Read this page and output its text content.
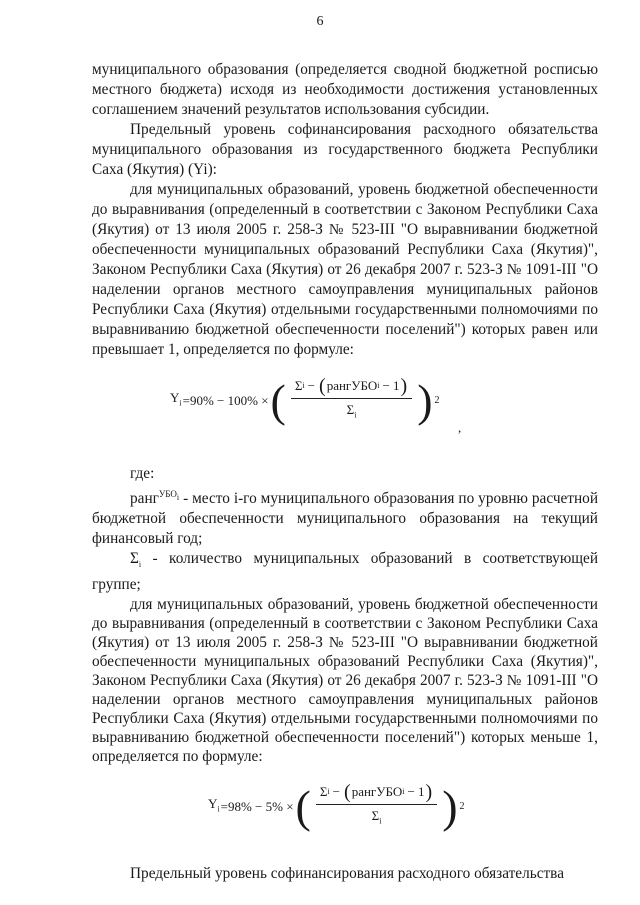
6

муниципального образования (определяется сводной бюджетной росписью местного бюджета) исходя из необходимости достижения установленных соглашением значений результатов использования субсидии.

Предельный уровень софинансирования расходного обязательства муниципального образования из государственного бюджета Республики Саха (Якутия) (Yi):

для муниципальных образований, уровень бюджетной обеспеченности до выравнивания (определенный в соответствии с Законом Республики Саха (Якутия) от 13 июля 2005 г. 258-З № 523-III "О выравнивании бюджетной обеспеченности муниципальных образований Республики Саха (Якутия)", Законом Республики Саха (Якутия) от 26 декабря 2007 г. 523-З № 1091-III "О наделении органов местного самоуправления муниципальных районов Республики Саха (Якутия) отдельными государственными полномочиями по выравниванию бюджетной обеспеченности поселений") которых равен или превышает 1, определяется по формуле:

$Y_i =90\% - 100\%$ × ( Σ i − ( рангУБО i − 1 )
$\Sigma_i$ ) 2
,

где:

ранг$^{УБО_i}$ - место i-го муниципального образования по уровню расчетной бюджетной обеспеченности муниципального образования на текущий финансовый год;

$\Sigma_i$ - количество муниципальных образований в соответствующей группе;

для муниципальных образований, уровень бюджетной обеспеченности до выравнивания (определенный в соответствии с Законом Республики Саха (Якутия) от 13 июля 2005 г. 258-З № 523-III "О выравнивании бюджетной обеспеченности муниципальных образований Республики Саха (Якутия)", Законом Республики Саха (Якутия) от 26 декабря 2007 г. 523-З № 1091-III "О наделении органов местного самоуправления муниципальных районов Республики Саха (Якутия) отдельными государственными полномочиями по выравниванию бюджетной обеспеченности поселений") которых меньше 1, определяется по формуле:

$Y_i =98\% - 5\%$ × ( Σ i − ( рангУБО i − 1 )
$\Sigma_i$ ) 2

Предельный уровень софинансирования расходного обязательства
